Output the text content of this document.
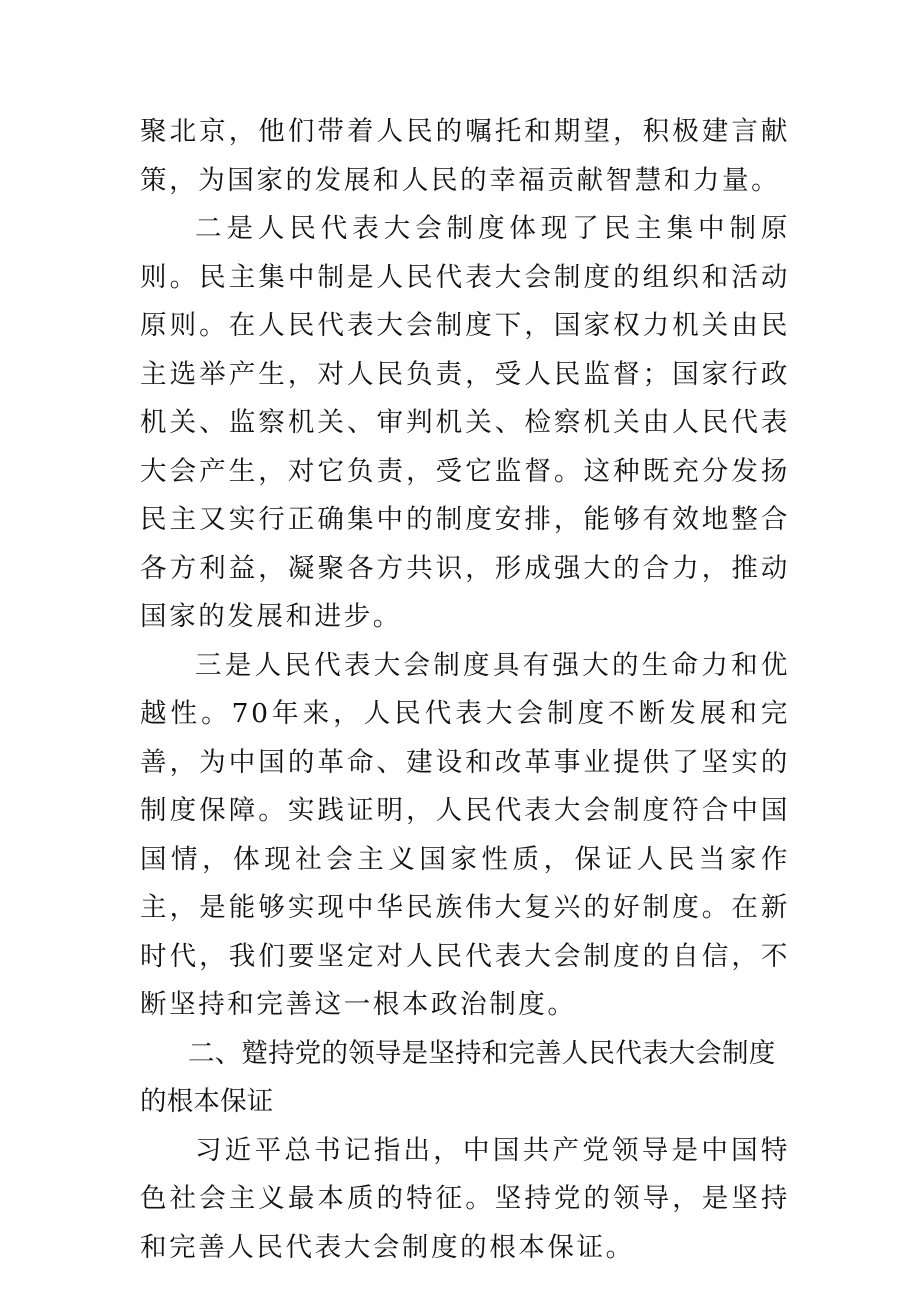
聚北京，他们带着人民的嘱托和期望，积极建言献策，为国家的发展和人民的幸福贡献智慧和力量。

二是人民代表大会制度体现了民主集中制原则。民主集中制是人民代表大会制度的组织和活动原则。在人民代表大会制度下，国家权力机关由民主选举产生，对人民负责，受人民监督；国家行政机关、监察机关、审判机关、检察机关由人民代表大会产生，对它负责，受它监督。这种既充分发扬民主又实行正确集中的制度安排，能够有效地整合各方利益，凝聚各方共识，形成强大的合力，推动国家的发展和进步。

三是人民代表大会制度具有强大的生命力和优越性。70年来，人民代表大会制度不断发展和完善，为中国的革命、建设和改革事业提供了坚实的制度保障。实践证明，人民代表大会制度符合中国国情，体现社会主义国家性质，保证人民当家作主，是能够实现中华民族伟大复兴的好制度。在新时代，我们要坚定对人民代表大会制度的自信，不断坚持和完善这一根本政治制度。

二、蹵持党的领导是坚持和完善人民代表大会制度的根本保证

习近平总书记指出，中国共产党领导是中国特色社会主义最本质的特征。坚持党的领导，是坚持和完善人民代表大会制度的根本保证。
